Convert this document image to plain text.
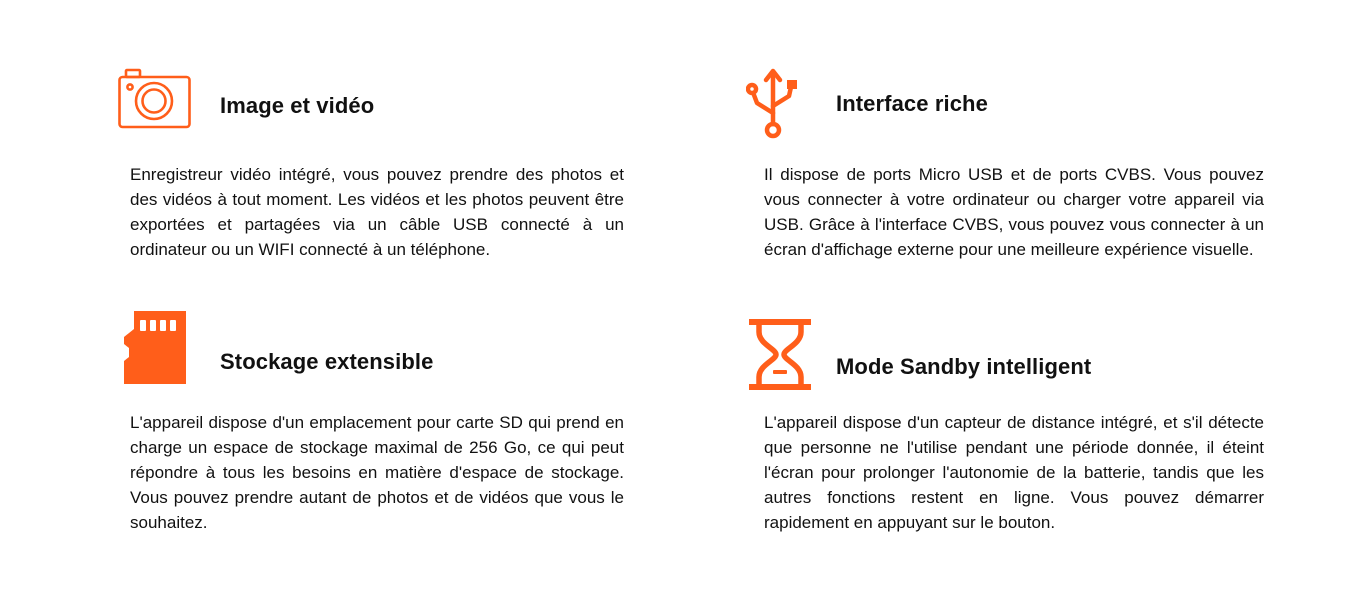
Image et vidéo

Enregistreur vidéo intégré, vous pouvez prendre des photos et des vidéos à tout moment. Les vidéos et les photos peuvent être exportées et partagées via un câble USB connecté à un ordinateur ou un WIFI connecté à un téléphone.

Interface riche

Il dispose de ports Micro USB et de ports CVBS. Vous pouvez vous connecter à votre ordinateur ou charger votre appareil via USB. Grâce à l'interface CVBS, vous pouvez vous connecter à un écran d'affichage externe pour une meilleure expérience visuelle.

Stockage extensible

L'appareil dispose d'un emplacement pour carte SD qui prend en charge un espace de stockage maximal de 256 Go, ce qui peut répondre à tous les besoins en matière d'espace de stockage. Vous pouvez prendre autant de photos et de vidéos que vous le souhaitez.

Mode Sandby intelligent

L'appareil dispose d'un capteur de distance intégré, et s'il détecte que personne ne l'utilise pendant une période donnée, il éteint l'écran pour prolonger l'autonomie de la batterie, tandis que les autres fonctions restent en ligne. Vous pouvez démarrer rapidement en appuyant sur le bouton.
